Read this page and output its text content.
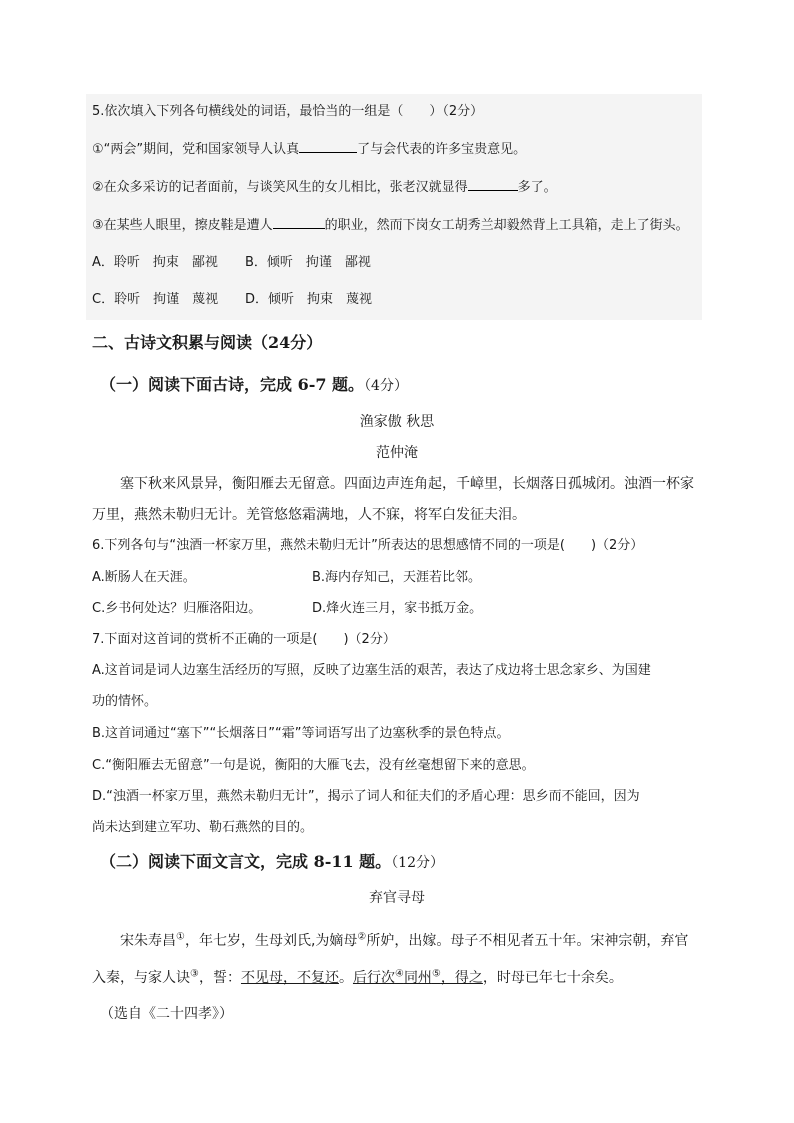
5.依次填入下列各句横线处的词语，最恰当的一组是（　　）（2分）
①“两会”期间，党和国家领导人认真	了与会代表的许多宝贵意见。
②在众多采访的记者面前，与谈笑风生的女儿相比，张老汉就显得	多了。
③在某些人眼里，擦皮鞋是遭人	的职业，然而下岗女工胡秀兰却毅然背上工具箱，走上了街头。
A．聆听　拘束　鄙视 B．倾听　拘谨　鄙视
C．聆听　拘谨　蔑视 D．倾听　拘束　蔑视
二、古诗文积累与阅读（24分）
（一）阅读下面古诗，完成 6-7 题。（4分）
渔家傲 秋思
范仲淹
塞下秋来风景异，衡阳雁去无留意。四面边声连角起，千嶂里，长烟落日孤城闭。浊酒一杯家
万里，燕然未勒归无计。羌管悠悠霜满地，人不寐，将军白发征夫泪。
6.下列各句与“浊酒一杯家万里，燕然未勒归无计”所表达的思想感情不同的一项是(　　)（2分）
A.断肠人在天涯。	B.海内存知己，天涯若比邻。
C.乡书何处达？归雁洛阳边。	D.烽火连三月，家书抵万金。
7.下面对这首词的赏析不正确的一项是(　　)（2分）
A.这首词是词人边塞生活经历的写照，反映了边塞生活的艰苦，表达了戍边将士思念家乡、为国建
功的情怀。
B.这首词通过“塞下”“长烟落日”“霜”等词语写出了边塞秋季的景色特点。
C.“衡阳雁去无留意”一句是说，衡阳的大雁飞去，没有丝毫想留下来的意思。
D.“浊酒一杯家万里，燕然未勒归无计”，揭示了词人和征夫们的矛盾心理：思乡而不能回，因为
尚未达到建立军功、勒石燕然的目的。
（二）阅读下面文言文，完成 8-11 题。（12分）
弃官寻母
宋朱寿昌①，年七岁，生母刘氏,为嫡母②所妒，出嫁。母子不相见者五十年。宋神宗朝，弃官
入秦，与家人诀③，誓：不见母，不复还。后行次④同州⑤，得之，时母已年七十余矣。
（选自《二十四孝》）
